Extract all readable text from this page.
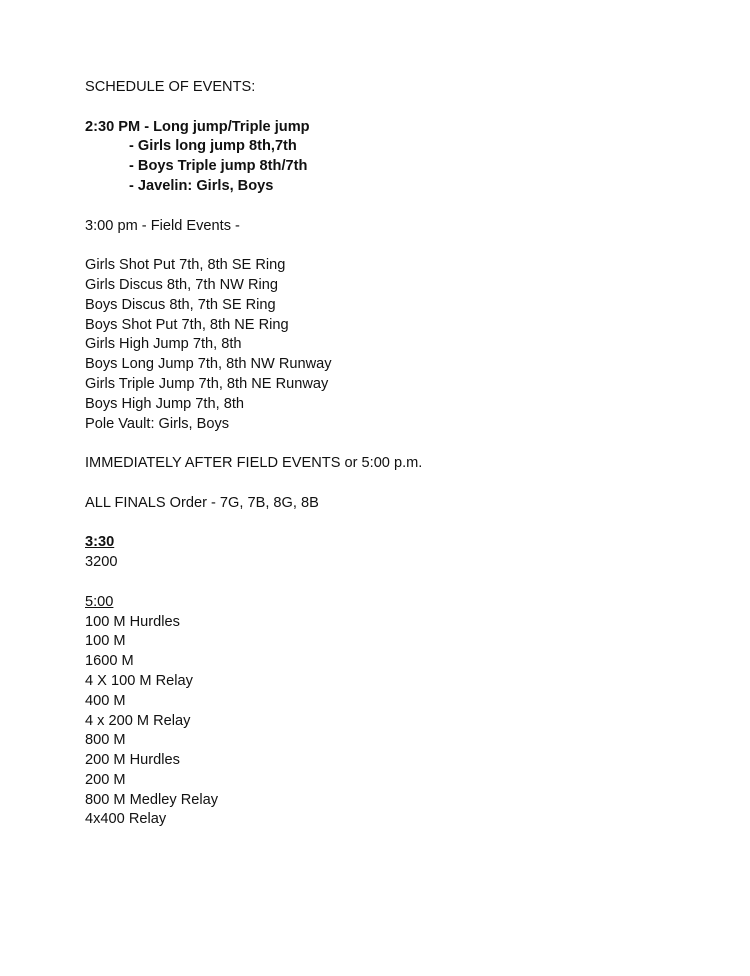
SCHEDULE OF EVENTS:
2:30 PM - Long jump/Triple jump
- Girls long jump 8th,7th
- Boys Triple jump 8th/7th
- Javelin: Girls, Boys
3:00 pm - Field Events -
Girls Shot Put 7th, 8th SE Ring
Girls Discus 8th, 7th NW Ring
Boys Discus 8th, 7th SE Ring
Boys Shot Put 7th, 8th NE Ring
Girls High Jump 7th, 8th
Boys Long Jump 7th, 8th NW Runway
Girls Triple Jump 7th, 8th NE Runway
Boys High Jump 7th, 8th
Pole Vault: Girls, Boys
IMMEDIATELY AFTER FIELD EVENTS or 5:00 p.m.
ALL FINALS Order - 7G, 7B, 8G, 8B
3:30
3200
5:00
100 M Hurdles
100 M
1600 M
4 X 100 M Relay
400 M
4 x 200 M Relay
800 M
200 M Hurdles
200 M
800 M Medley Relay
4x400 Relay
